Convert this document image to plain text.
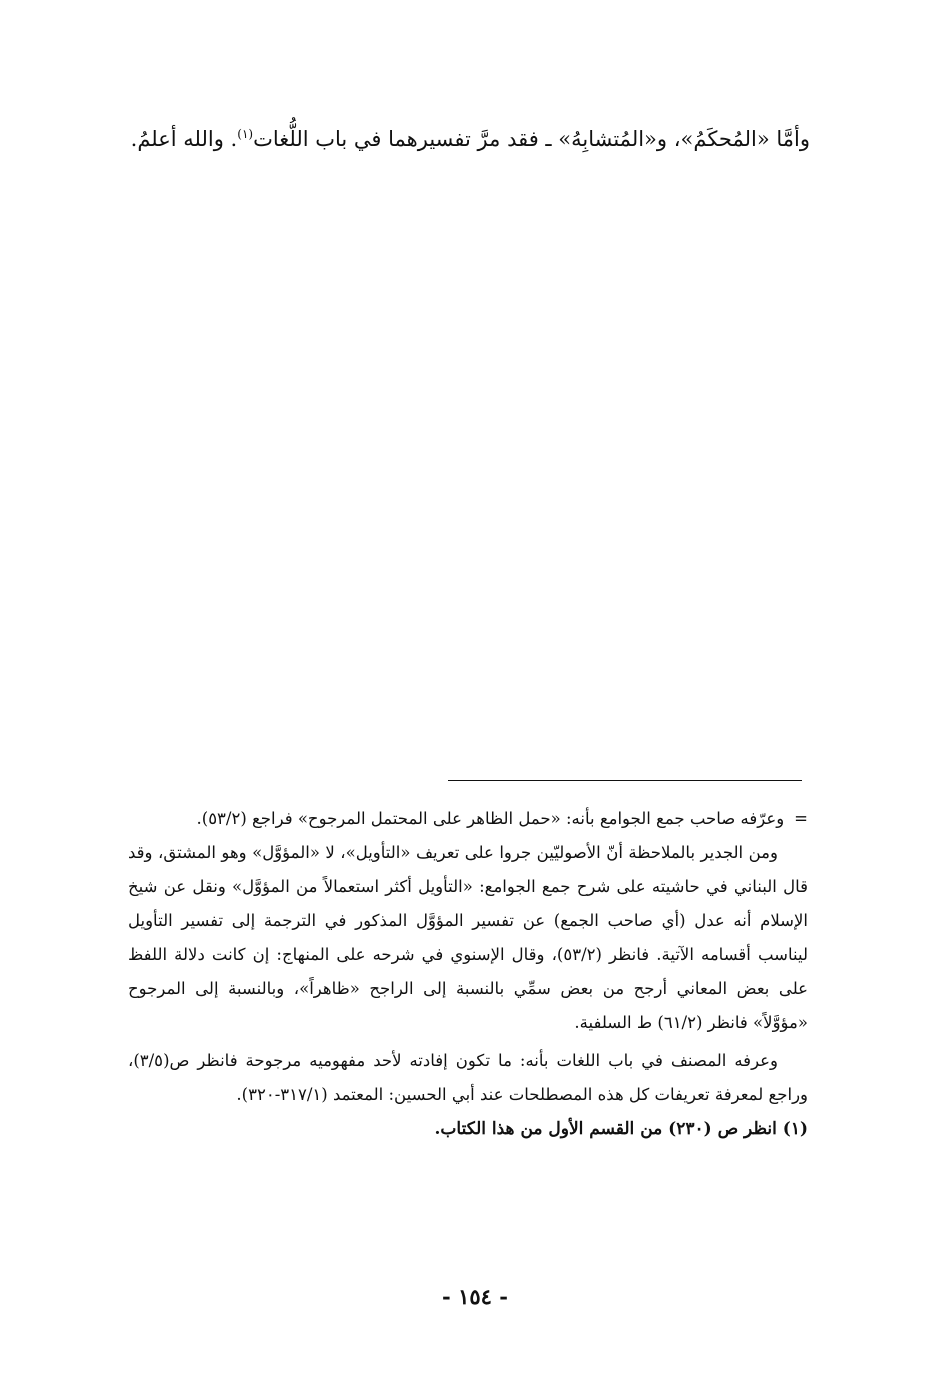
وأمَّا «المُحكَمُ»، و«المُتشابِهُ» ـ فقد مرَّ تفسيرهما في باب اللُّغات$^{(١)}$. والله أعلمُ.

=وعرّفه صاحب جمع الجوامع بأنه: «حمل الظاهر على المحتمل المرجوح» فراجع (٥٣/٢).

ومن الجدير بالملاحظة أنّ الأصوليّين جروا على تعريف «التأويل»، لا «المؤوَّل» وهو المشتق، وقد قال البناني في حاشيته على شرح جمع الجوامع: «التأويل أكثر استعمالاً من المؤوَّل» ونقل عن شيخ الإسلام أنه عدل (أي صاحب الجمع) عن تفسير المؤوَّل المذكور في الترجمة إلى تفسير التأويل ليناسب أقسامه الآتية. فانظر (٥٣/٢)، وقال الإسنوي في شرحه على المنهاج: إن كانت دلالة اللفظ على بعض المعاني أرجح من بعض سمِّي بالنسبة إلى الراجح «ظاهراً»، وبالنسبة إلى المرجوح «مؤوَّلاً» فانظر (٦١/٢) ط السلفية.

وعرفه المصنف في باب اللغات بأنه: ما تكون إفادته لأحد مفهوميه مرجوحة فانظر ص(٣/٥)، وراجع لمعرفة تعريفات كل هذه المصطلحات عند أبي الحسين: المعتمد (٣١٧/١-٣٢٠).

(١) انظر ص (٢٣٠) من القسم الأول من هذا الكتاب.

- ١٥٤ -
